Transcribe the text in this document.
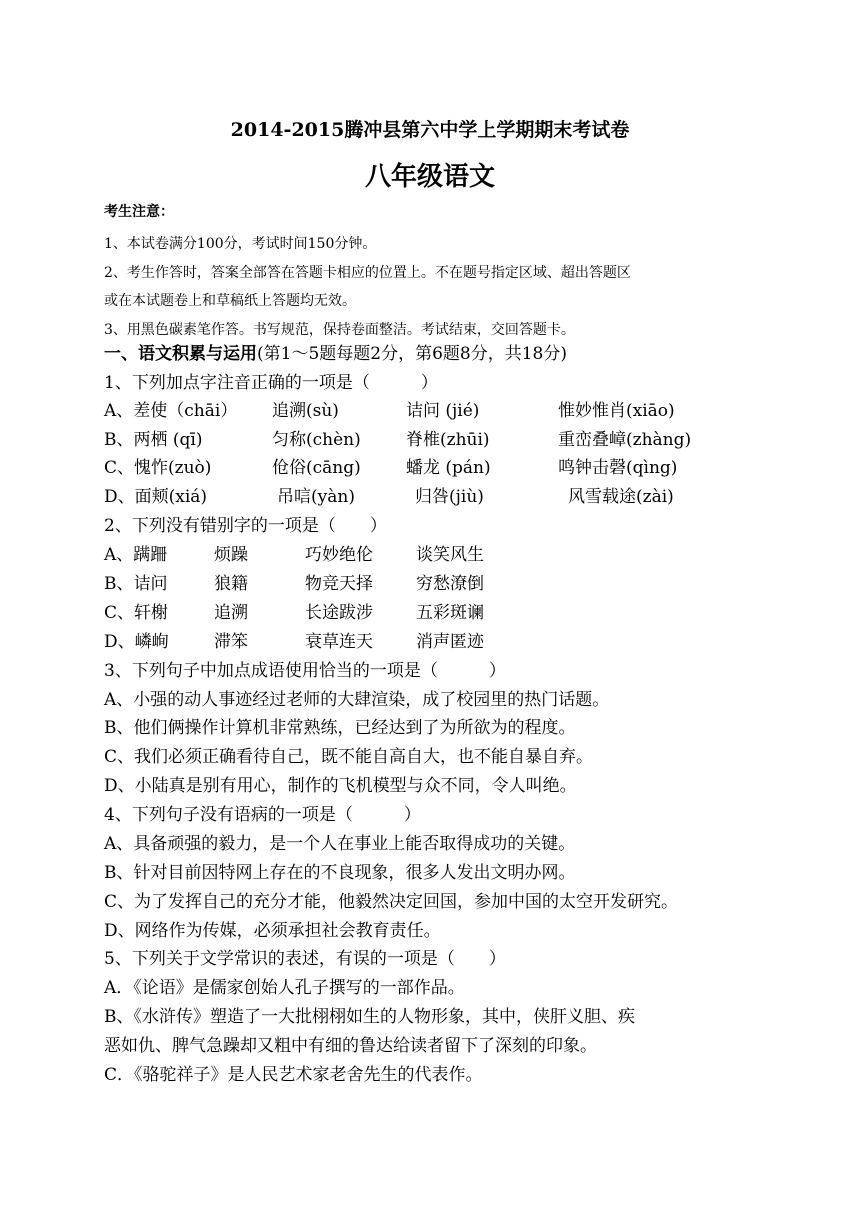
2014-2015腾冲县第六中学上学期期末考试卷
八年级语文
考生注意：
1、本试卷满分100分，考试时间150分钟。
2、考生作答时，答案全部答在答题卡相应的位置上。不在题号指定区域、超出答题区
或在本试题卷上和草稿纸上答题均无效。
3、用黑色碳素笔作答。书写规范，保持卷面整洁。考试结束，交回答题卡。
一、语文积累与运用(第1～5题每题2分，第6题8分，共18分)
1、下列加点字注音正确的一项是（　　　）
A、差使（chāi） 追溯(sù)	诘问 (jié)	惟妙惟肖(xiāo)
B、两栖 (qī)	匀称(chèn)	脊椎(zhūi)	重峦叠嶂(zhàng)
C、愧怍(zuò)	伧俗(cāng)	蟠龙 (pán)	鸣钟击磬(qìng)
D、面颊(xiá)	吊唁(yàn)	归咎(jiù)	风雪载途(zài)
2、下列没有错别字的一项是（　　）
A、蹒跚	烦躁	巧妙绝伦	谈笑风生
B、诘问	狼籍	物竞天择	穷愁潦倒
C、轩榭	追溯	长途跋涉	五彩斑谰
D、嶙峋	滞笨	衰草连天	消声匿迹
3、下列句子中加点成语使用恰当的一项是（　　　）
A、小强的动人事迹经过老师的大肆渲染，成了校园里的热门话题。
B、他们俩操作计算机非常熟练，已经达到了为所欲为的程度。
C、我们必须正确看待自己，既不能自高自大，也不能自暴自弃。
D、小陆真是别有用心，制作的飞机模型与众不同，令人叫绝。
4、下列句子没有语病的一项是（　　　）
A、具备顽强的毅力，是一个人在事业上能否取得成功的关键。
B、针对目前因特网上存在的不良现象，很多人发出文明办网。
C、为了发挥自己的充分才能，他毅然决定回国，参加中国的太空开发研究。
D、网络作为传媒，必须承担社会教育责任。
5、下列关于文学常识的表述，有误的一项是（　　）
A．《论语》是儒家创始人孔子撰写的一部作品。
B、《水浒传》塑造了一大批栩栩如生的人物形象，其中，侠肝义胆、疾
恶如仇、脾气急躁却又粗中有细的鲁达给读者留下了深刻的印象。
C．《骆驼祥子》是人民艺术家老舍先生的代表作。
